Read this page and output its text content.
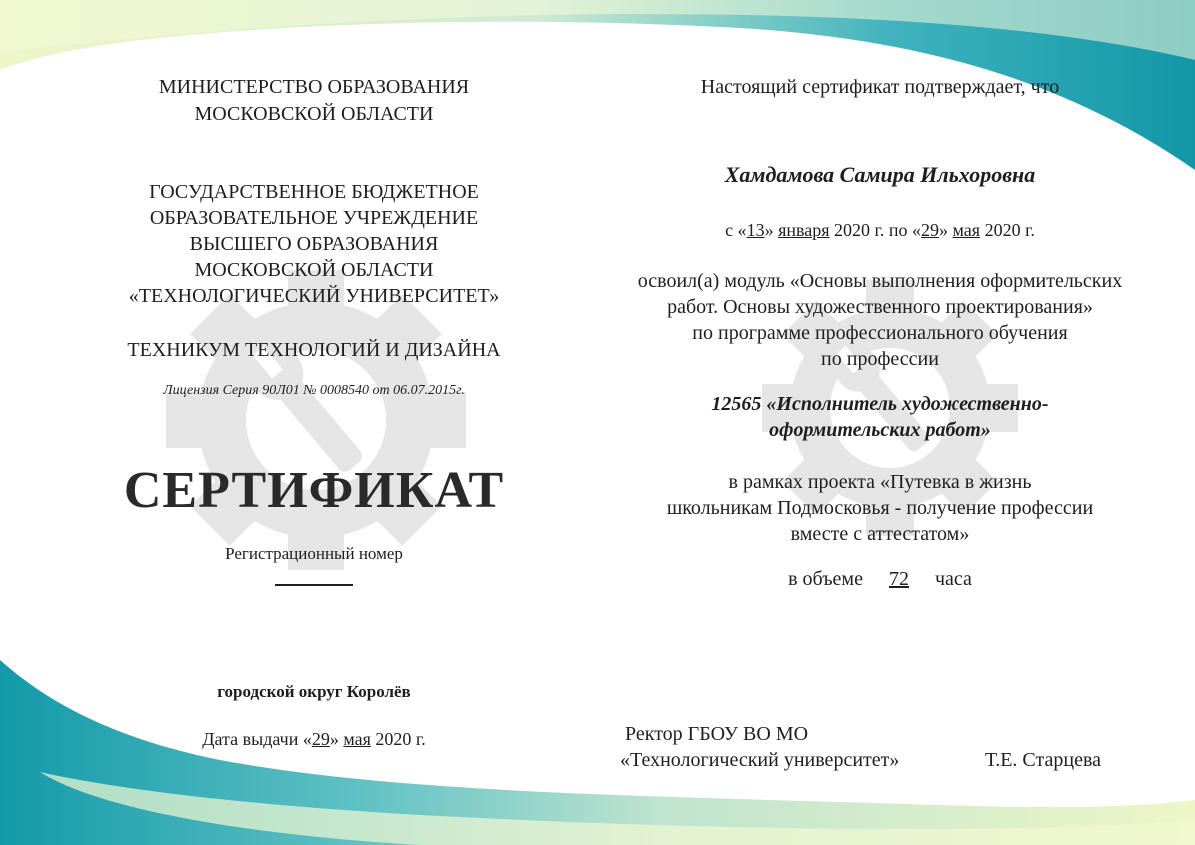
МИНИСТЕРСТВО ОБРАЗОВАНИЯ
МОСКОВСКОЙ ОБЛАСТИ
ГОСУДАРСТВЕННОЕ БЮДЖЕТНОЕ
ОБРАЗОВАТЕЛЬНОЕ УЧРЕЖДЕНИЕ
ВЫСШЕГО ОБРАЗОВАНИЯ
МОСКОВСКОЙ ОБЛАСТИ
«ТЕХНОЛОГИЧЕСКИЙ УНИВЕРСИТЕТ»
ТЕХНИКУМ ТЕХНОЛОГИЙ И ДИЗАЙНА
Лицензия Серия 90Л01 № 0008540 от 06.07.2015г.
СЕРТИФИКАТ
Регистрационный номер
городской округ Королёв
Дата выдачи «29» мая 2020 г.
Настоящий сертификат подтверждает, что
Хамдамова Самира Ильхоровна
с «13» января 2020 г. по «29» мая 2020 г.
освоил(а) модуль «Основы выполнения оформительских
работ. Основы художественного проектирования»
по программе профессионального обучения
по профессии
12565 «Исполнитель художественно-
оформительских работ»
в рамках проекта «Путевка в жизнь
школьникам Подмосковья - получение профессии
вместе с аттестатом»
в объеме 72 часа
Ректор ГБОУ ВО МО
«Технологический университет»	Т.Е. Старцева
